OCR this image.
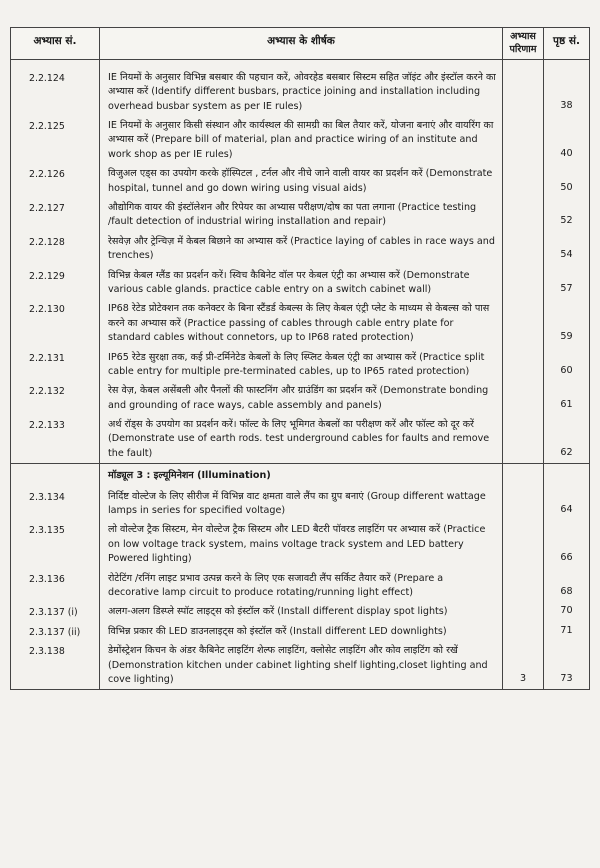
अभ्यास सं.	अभ्यास के शीर्षक	अभ्यास परिणाम	पृष्ठ सं.

2.2.124	IE नियमों के अनुसार विभिन्न बसबार की पहचान करें, ओवरहेड बसबार सिस्टम सहित जॉइंट और इंस्टॉल करने का अभ्यास करें (Identify different busbars, practice joining and installation including overhead busbar system as per IE rules)		38
2.2.125	IE नियमों के अनुसार किसी संस्थान और कार्यस्थल की सामग्री का बिल तैयार करें, योजना बनाएं और वायरिंग का अभ्यास करें (Prepare bill of material, plan and practice wiring of an institute and work shop as per IE rules)		40
2.2.126	विजुअल एड्स का उपयोग करके हॉस्पिटल , टर्नल और नीचे जाने वाली वायर का प्रदर्शन करें (Demonstrate hospital, tunnel and go down wiring using visual aids)		50
2.2.127	औद्योगिक वायर की इंस्टॉलेशन और रिपेयर का अभ्यास परीक्षण/दोष का पता लगाना (Practice testing /fault detection of industrial wiring installation and repair)		52
2.2.128	रेसवेज़ और ट्रेन्चिज़ में केबल बिछाने का अभ्यास करें (Practice laying of cables in race ways and trenches)		54
2.2.129	विभिन्न केबल ग्लैंड का प्रदर्शन करें। स्विच कैबिनेट वॉल पर केबल एंट्री का अभ्यास करें (Demonstrate various cable glands. practice cable entry on a switch cabinet wall)		57
2.2.130	IP68 रेटेड प्रोटेक्शन तक कनेक्टर के बिना स्टैंडर्ड केबल्स के लिए केबल एंट्री प्लेट के माध्यम से केबल्स को पास करने का अभ्यास करें (Practice passing of cables through cable entry plate for standard cables without connetors, up to IP68 rated protection)		59
2.2.131	IP65 रेटेड सुरक्षा तक, कई प्री-टर्मिनेटेड केबलों के लिए स्प्लिट केबल एंट्री का अभ्यास करें (Practice split cable entry for multiple pre-terminated cables, up to IP65 rated protection)		60
2.2.132	रेस वेज़, केबल असेंबली और पैनलों की फास्टनिंग और ग्राउंडिंग का प्रदर्शन करें (Demonstrate bonding and grounding of race ways, cable assembly and panels)		61
2.2.133	अर्थ रॉड्स के उपयोग का प्रदर्शन करें। फॉल्ट के लिए भूमिगत केबलों का परीक्षण करें और फॉल्ट को दूर करें (Demonstrate use of earth rods. test underground cables for faults and remove the fault)		62
	मॉड्यूल 3 : इल्यूमिनेशन (Illumination)		
2.3.134	निर्दिष्ट वोल्टेज के लिए सीरीज में विभिन्न वाट क्षमता वाले लैंप का ग्रुप बनाएं (Group different wattage lamps in series for specified voltage)		64
2.3.135	लो वोल्टेज ट्रैक सिस्टम, मेन वोल्टेज ट्रैक सिस्टम और LED बैटरी पॉवरड लाइटिंग पर अभ्यास करें (Practice on low voltage track system, mains voltage track system and LED battery Powered lighting)		66
2.3.136	रोटेटिंग /रनिंग लाइट प्रभाव उत्पन्न करने के लिए एक सजावटी लैंप सर्किट तैयार करें (Prepare a decorative lamp circuit to produce rotating/running light effect)		68
2.3.137 (i)	अलग-अलग डिस्प्ले स्पॉट लाइट्स को इंस्टॉल करें (Install different display spot lights)		70
2.3.137 (ii)	विभिन्न प्रकार की LED डाउनलाइट्स को इंस्टॉल करें (Install different LED downlights)		71
2.3.138	डेमोंस्ट्रेशन किचन के अंडर कैबिनेट लाइटिंग शेल्फ लाइटिंग, क्लोसेट लाइटिंग और कोव लाइटिंग को रखें (Demonstration kitchen under cabinet lighting shelf lighting,closet lighting and cove lighting)	3	73
